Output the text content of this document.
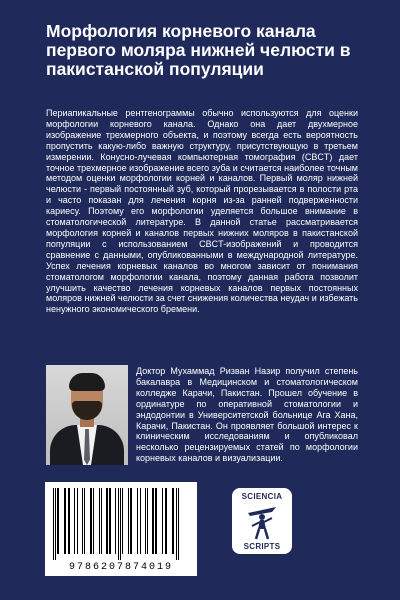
Морфология корневого канала первого моляра нижней челюсти в пакистанской популяции

Периапикальные рентгенограммы обычно используются для оценки морфологии корневого канала. Однако она дает двухмерное изображение трехмерного объекта, и поэтому всегда есть вероятность пропустить какую-либо важную структуру, присутствующую в третьем измерении. Конусно-лучевая компьютерная томография (CBCT) дает точное трехмерное изображение всего зуба и считается наиболее точным методом оценки морфологии корней и каналов. Первый моляр нижней челюсти - первый постоянный зуб, который прорезывается в полости рта и часто показан для лечения корня из-за ранней подверженности кариесу. Поэтому его морфологии уделяется большое внимание в стоматологической литературе. В данной статье рассматривается морфология корней и каналов первых нижних моляров в пакистанской популяции с использованием CBCT-изображений и проводится сравнение с данными, опубликованными в международной литературе. Успех лечения корневых каналов во многом зависит от понимания стоматологом морфологии канала, поэтому данная работа позволит улучшить качество лечения корневых каналов первых постоянных моляров нижней челюсти за счет снижения количества неудач и избежать ненужного экономического бремени.

Доктор Мухаммад Ризван Назир получил степень бакалавра в Медицинском и стоматологическом колледже Карачи, Пакистан. Прошел обучение в ординатуре по оперативной стоматологии и эндодонтии в Университетской больнице Ага Хана, Карачи, Пакистан. Он проявляет большой интерес к клиническим исследованиям и опубликовал несколько рецензируемых статей по морфологии корневых каналов и визуализации.

9786207874019
SCIENCIA
SCRIPTS
